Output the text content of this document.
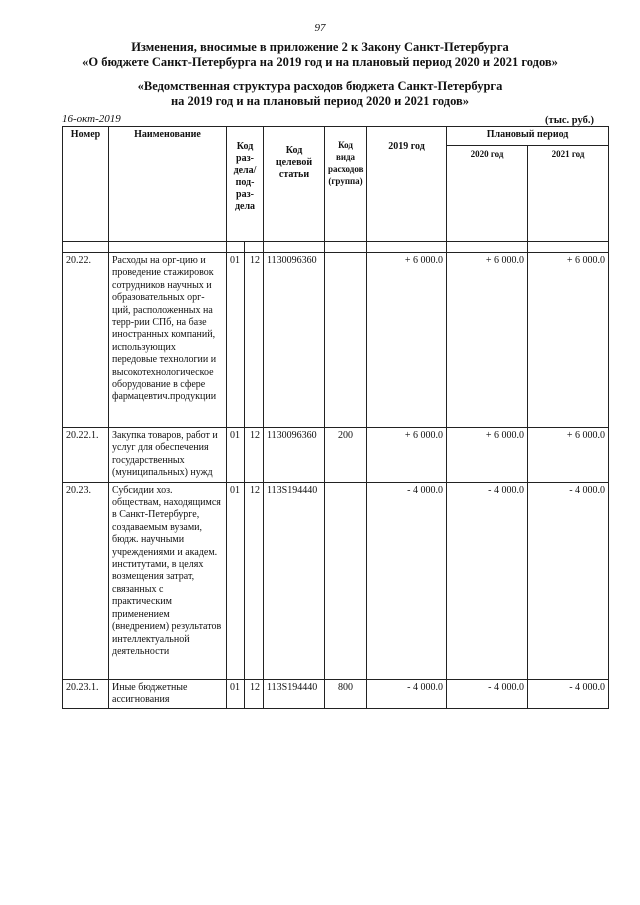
97
Изменения, вносимые в приложение 2 к Закону Санкт-Петербурга
«О бюджете Санкт-Петербурга на 2019 год и на плановый период 2020 и 2021 годов»
«Ведомственная структура расходов бюджета Санкт-Петербурга
на 2019 год и на плановый период 2020 и 2021 годов»
16-окт-2019	(тыс. руб.)
Номер	Наименование	Код раз-дела/ под-раз-дела		Код целевой статьи	Код вида расходов (группа)	2019 год	Плановый период	
							2020 год	2021 год

20.22.	Расходы на орг-цию и проведение стажировок сотрудников научных и образовательных орг-ций, расположенных на терр-рии СПб, на базе иностранных компаний, использующих передовые технологии и высокотехнологическое оборудование в сфере фармацевтич.продукции	01	12	1130096360		+ 6 000.0	+ 6 000.0	+ 6 000.0
20.22.1.	Закупка товаров, работ и услуг для обеспечения государственных (муниципальных) нужд	01	12	1130096360	200	+ 6 000.0	+ 6 000.0	+ 6 000.0
20.23.	Субсидии хоз. обществам, находящимся в Санкт-Петербурге, создаваемым вузами, бюдж. научными учреждениями и академ. институтами, в целях возмещения затрат, связанных с практическим применением (внедрением) результатов интеллектуальной деятельности	01	12	113S194440		- 4 000.0	- 4 000.0	- 4 000.0
20.23.1.	Иные бюджетные ассигнования	01	12	113S194440	800	- 4 000.0	- 4 000.0	- 4 000.0
